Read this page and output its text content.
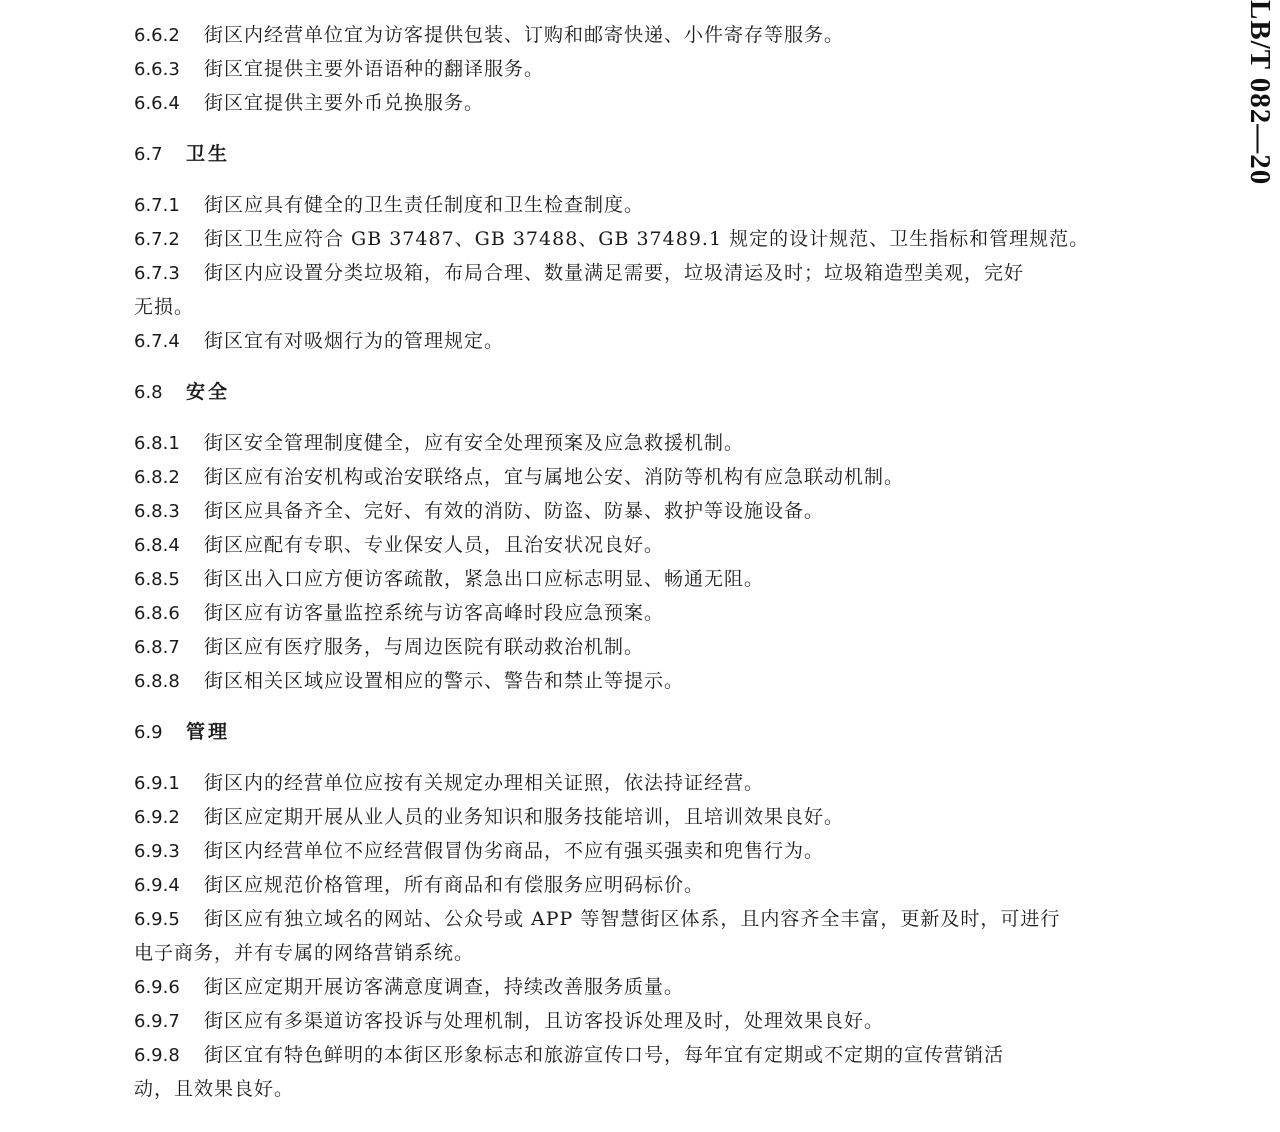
LB/T 082—20
6.6.2 街区内经营单位宜为访客提供包装、订购和邮寄快递、小件寄存等服务。
6.6.3 街区宜提供主要外语语种的翻译服务。
6.6.4 街区宜提供主要外币兑换服务。
6.7 卫生
6.7.1 街区应具有健全的卫生责任制度和卫生检查制度。
6.7.2 街区卫生应符合 GB 37487、GB 37488、GB 37489.1 规定的设计规范、卫生指标和管理规范。
6.7.3 街区内应设置分类垃圾箱，布局合理、数量满足需要，垃圾清运及时；垃圾箱造型美观，完好
无损。
6.7.4 街区宜有对吸烟行为的管理规定。
6.8 安全
6.8.1 街区安全管理制度健全，应有安全处理预案及应急救援机制。
6.8.2 街区应有治安机构或治安联络点，宜与属地公安、消防等机构有应急联动机制。
6.8.3 街区应具备齐全、完好、有效的消防、防盗、防暴、救护等设施设备。
6.8.4 街区应配有专职、专业保安人员，且治安状况良好。
6.8.5 街区出入口应方便访客疏散，紧急出口应标志明显、畅通无阻。
6.8.6 街区应有访客量监控系统与访客高峰时段应急预案。
6.8.7 街区应有医疗服务，与周边医院有联动救治机制。
6.8.8 街区相关区域应设置相应的警示、警告和禁止等提示。
6.9 管理
6.9.1 街区内的经营单位应按有关规定办理相关证照，依法持证经营。
6.9.2 街区应定期开展从业人员的业务知识和服务技能培训，且培训效果良好。
6.9.3 街区内经营单位不应经营假冒伪劣商品，不应有强买强卖和兜售行为。
6.9.4 街区应规范价格管理，所有商品和有偿服务应明码标价。
6.9.5 街区应有独立域名的网站、公众号或 APP 等智慧街区体系，且内容齐全丰富，更新及时，可进行
电子商务，并有专属的网络营销系统。
6.9.6 街区应定期开展访客满意度调查，持续改善服务质量。
6.9.7 街区应有多渠道访客投诉与处理机制，且访客投诉处理及时，处理效果良好。
6.9.8 街区宜有特色鲜明的本街区形象标志和旅游宣传口号，每年宜有定期或不定期的宣传营销活
动，且效果良好。
